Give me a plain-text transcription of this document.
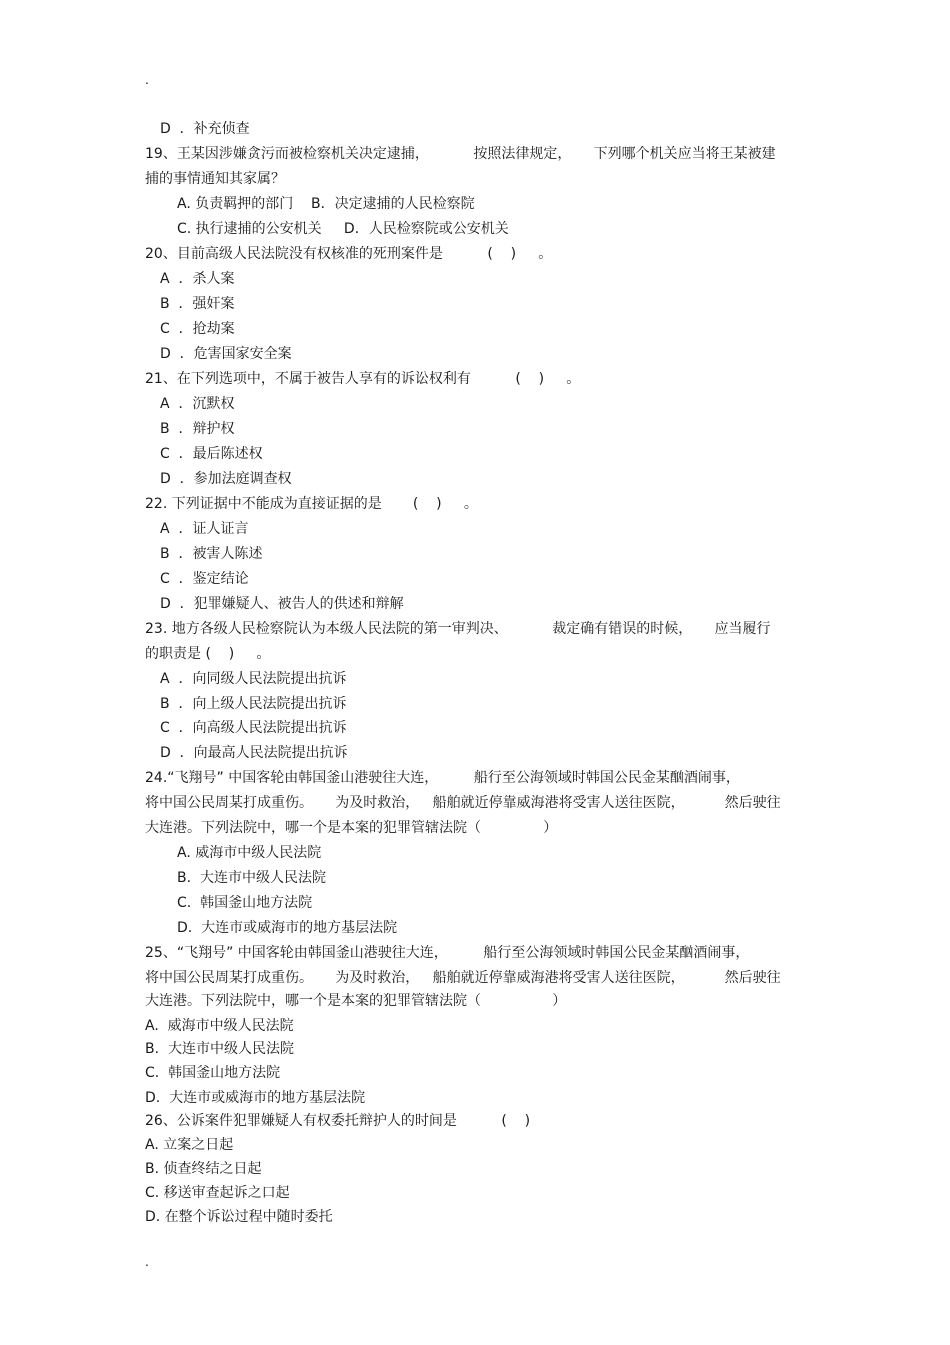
.
D  ．补充侦查
19、王某因涉嫌贪污而被检察机关决定逮捕，          按照法律规定，     下列哪个机关应当将王某被建
捕的事情通知其家属？
A. 负责羁押的部门    B．决定逮捕的人民检察院
C. 执行逮捕的公安机关     D．人民检察院或公安机关
20、目前高级人民法院没有权核准的死刑案件是          (    )     。
A  ．杀人案
B  ．强奸案
C  ．抢劫案
D  ．危害国家安全案
21、在下列选项中，不属于被告人享有的诉讼权利有          (    )     。
A  ．沉默权
B  ．辩护权
C  ．最后陈述权
D  ．参加法庭调查权
22. 下列证据中不能成为直接证据的是       (    )     。
A  ．证人证言
B  ．被害人陈述
C  ．鉴定结论
D  ．犯罪嫌疑人、被告人的供述和辩解
23. 地方各级人民检察院认为本级人民法院的第一审判决、          裁定确有错误的时候，     应当履行
的职责是 (    )     。
A  ．向同级人民法院提出抗诉
B  ．向上级人民法院提出抗诉
C  ．向高级人民法院提出抗诉
D  ．向最高人民法院提出抗诉
24.“飞翔号” 中国客轮由韩国釜山港驶往大连，        船行至公海领域时韩国公民金某酗酒闹事，
将中国公民周某打成重伤。     为及时救治，   船舶就近停靠威海港将受害人送往医院，         然后驶往
大连港。下列法院中，哪一个是本案的犯罪管辖法院（              ）
A. 威海市中级人民法院
B.  大连市中级人民法院
C.  韩国釜山地方法院
D.  大连市或威海市的地方基层法院
25、“飞翔号” 中国客轮由韩国釜山港驶往大连，        船行至公海领域时韩国公民金某酗酒闹事，
将中国公民周某打成重伤。     为及时救治，   船舶就近停靠威海港将受害人送往医院，         然后驶往
大连港。下列法院中，哪一个是本案的犯罪管辖法院（                ）
A.  威海市中级人民法院
B.  大连市中级人民法院
C.  韩国釜山地方法院
D.  大连市或威海市的地方基层法院
26、公诉案件犯罪嫌疑人有权委托辩护人的时间是          (    )
A. 立案之日起
B. 侦查终结之日起
C. 移送审查起诉之口起
D. 在整个诉讼过程中随时委托
.
